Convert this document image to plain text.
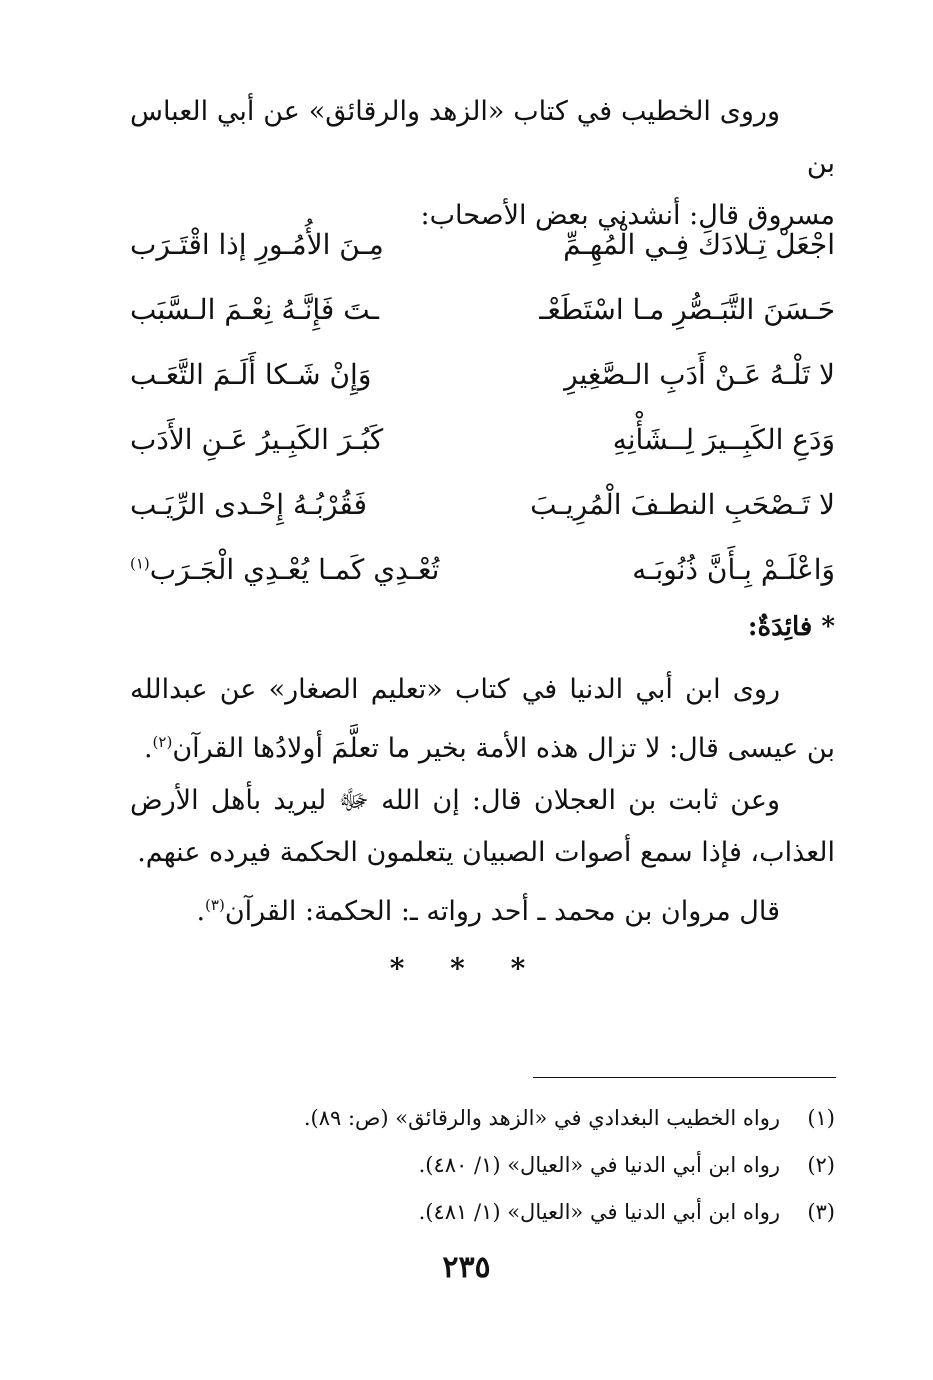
وروى الخطيب في كتاب «الزهد والرقائق» عن أبي العباس بن

مسروق قال: أنشدني بعض الأصحاب:

اجْعَلْ تِـلادَكَ فِـي الْمُهِـمِّ
مِـنَ الأُمُـورِ إذا اقْتَـرَب
حَـسَنَ التَّبَـصُّرِ مـا اسْتَطَعْـ
ـتَ فَإِنَّـهُ نِعْـمَ الـسَّبَب
لا تَلْـهُ عَـنْ أَدَبِ الـصَّغِيرِ
وَإِنْ شَـكا أَلَـمَ التَّعَـب
وَدَعِ الكَبِــيرَ لِــشَأْنِهِ
كَبُـرَ الكَبِـيرُ عَـنِ الأَدَب
لا تَـصْحَبِ النطـفَ الْمُرِيـبَ
فَقُرْبُـهُ إِحْـدى الرِّيَـب
وَاعْلَـمْ بِـأَنَّ ذُنُوبَـه
تُعْـدِي كَمـا يُعْـدِي الْجَـرَب$^{(١)}$
* فائِدَةٌ:

روى ابن أبي الدنيا في كتاب «تعليم الصغار» عن عبدالله بن عيسى قال: لا تزال هذه الأمة بخير ما تعلَّمَ أولادُها القرآن$^{(٢)}$.

وعن ثابت بن العجلان قال: إن الله ﷻ ليريد بأهل الأرض العذاب، فإذا سمع أصوات الصبيان يتعلمون الحكمة فيرده عنهم.

قال مروان بن محمد ـ أحد رواته ـ: الحكمة: القرآن$^{(٣)}$.

* * *
(١)
رواه الخطيب البغدادي في «الزهد والرقائق» (ص: ٨٩).
(٢)
رواه ابن أبي الدنيا في «العيال» (١/ ٤٨٠).
(٣)
رواه ابن أبي الدنيا في «العيال» (١/ ٤٨١).
٢٣٥
